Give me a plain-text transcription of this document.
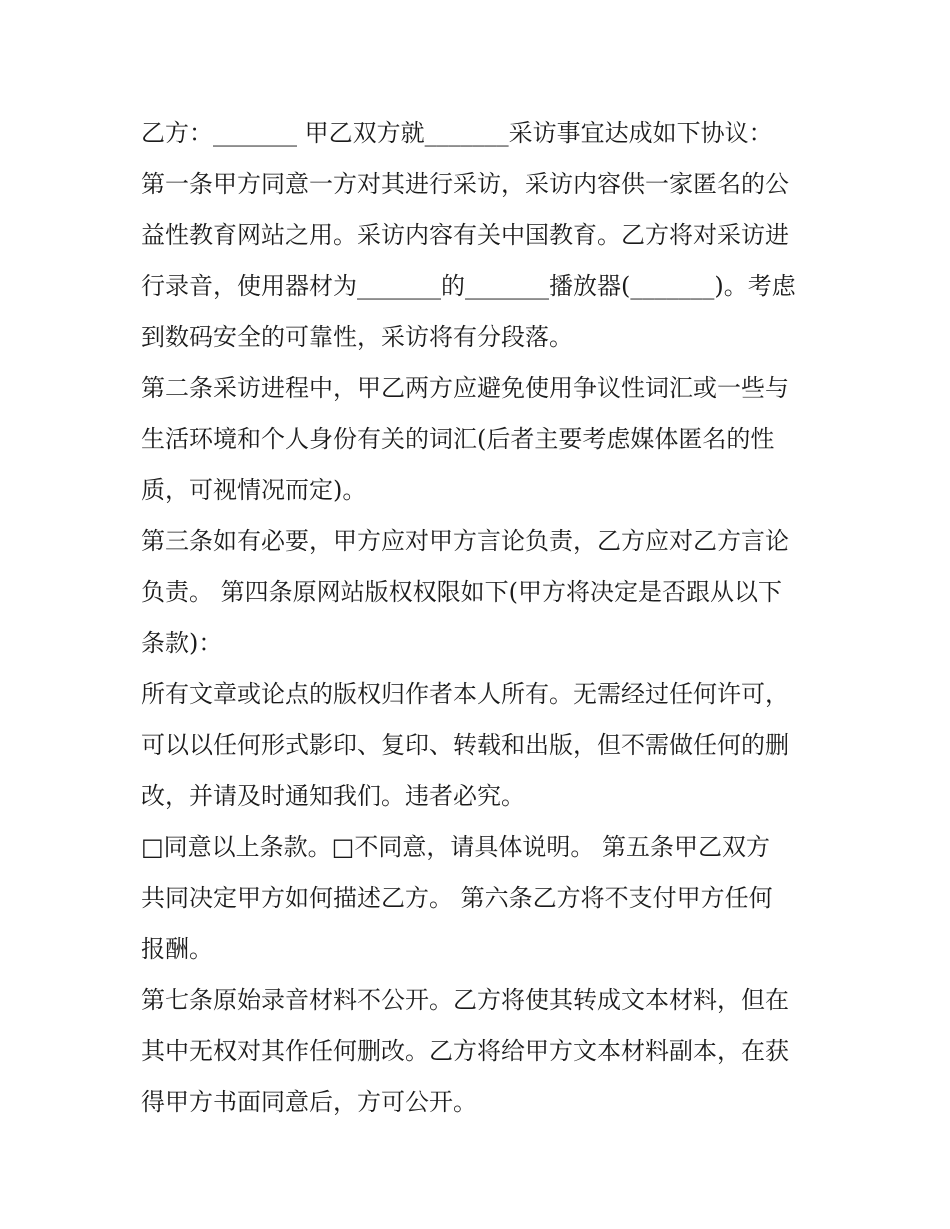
乙方：_______ 甲乙双方就_______采访事宜达成如下协议：
第一条甲方同意一方对其进行采访，采访内容供一家匿名的公
益性教育网站之用。采访内容有关中国教育。乙方将对采访进
行录音，使用器材为_______的_______播放器(_______)。考虑
到数码安全的可靠性，采访将有分段落。
第二条采访进程中，甲乙两方应避免使用争议性词汇或一些与
生活环境和个人身份有关的词汇(后者主要考虑媒体匿名的性
质，可视情况而定)。
第三条如有必要，甲方应对甲方言论负责，乙方应对乙方言论
负责。 第四条原网站版权权限如下(甲方将决定是否跟从以下
条款)：
所有文章或论点的版权归作者本人所有。无需经过任何许可，
可以以任何形式影印、复印、转载和出版，但不需做任何的删
改，并请及时通知我们。违者必究。
□同意以上条款。□不同意，请具体说明。 第五条甲乙双方
共同决定甲方如何描述乙方。 第六条乙方将不支付甲方任何
报酬。
第七条原始录音材料不公开。乙方将使其转成文本材料，但在
其中无权对其作任何删改。乙方将给甲方文本材料副本，在获
得甲方书面同意后，方可公开。
